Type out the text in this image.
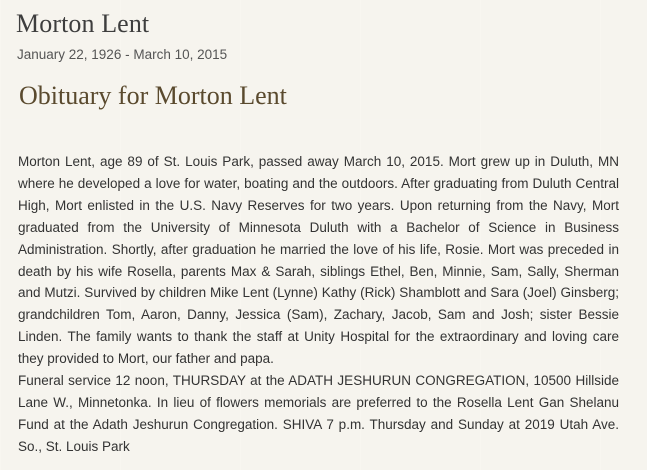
Morton Lent
January 22, 1926 - March 10, 2015
Obituary for Morton Lent

Morton Lent, age 89 of St. Louis Park, passed away March 10, 2015. Mort grew up in Duluth, MN where he developed a love for water, boating and the outdoors. After graduating from Duluth Central High, Mort enlisted in the U.S. Navy Reserves for two years. Upon returning from the Navy, Mort graduated from the University of Minnesota Duluth with a Bachelor of Science in Business Administration. Shortly, after graduation he married the love of his life, Rosie. Mort was preceded in death by his wife Rosella, parents Max & Sarah, siblings Ethel, Ben, Minnie, Sam, Sally, Sherman and Mutzi. Survived by children Mike Lent (Lynne) Kathy (Rick) Shamblott and Sara (Joel) Ginsberg; grandchildren Tom, Aaron, Danny, Jessica (Sam), Zachary, Jacob, Sam and Josh; sister Bessie Linden. The family wants to thank the staff at Unity Hospital for the extraordinary and loving care they provided to Mort, our father and papa.

Funeral service 12 noon, THURSDAY at the ADATH JESHURUN CONGREGATION, 10500 Hillside Lane W., Minnetonka. In lieu of flowers memorials are preferred to the Rosella Lent Gan Shelanu Fund at the Adath Jeshurun Congregation. SHIVA 7 p.m. Thursday and Sunday at 2019 Utah Ave. So., St. Louis Park
